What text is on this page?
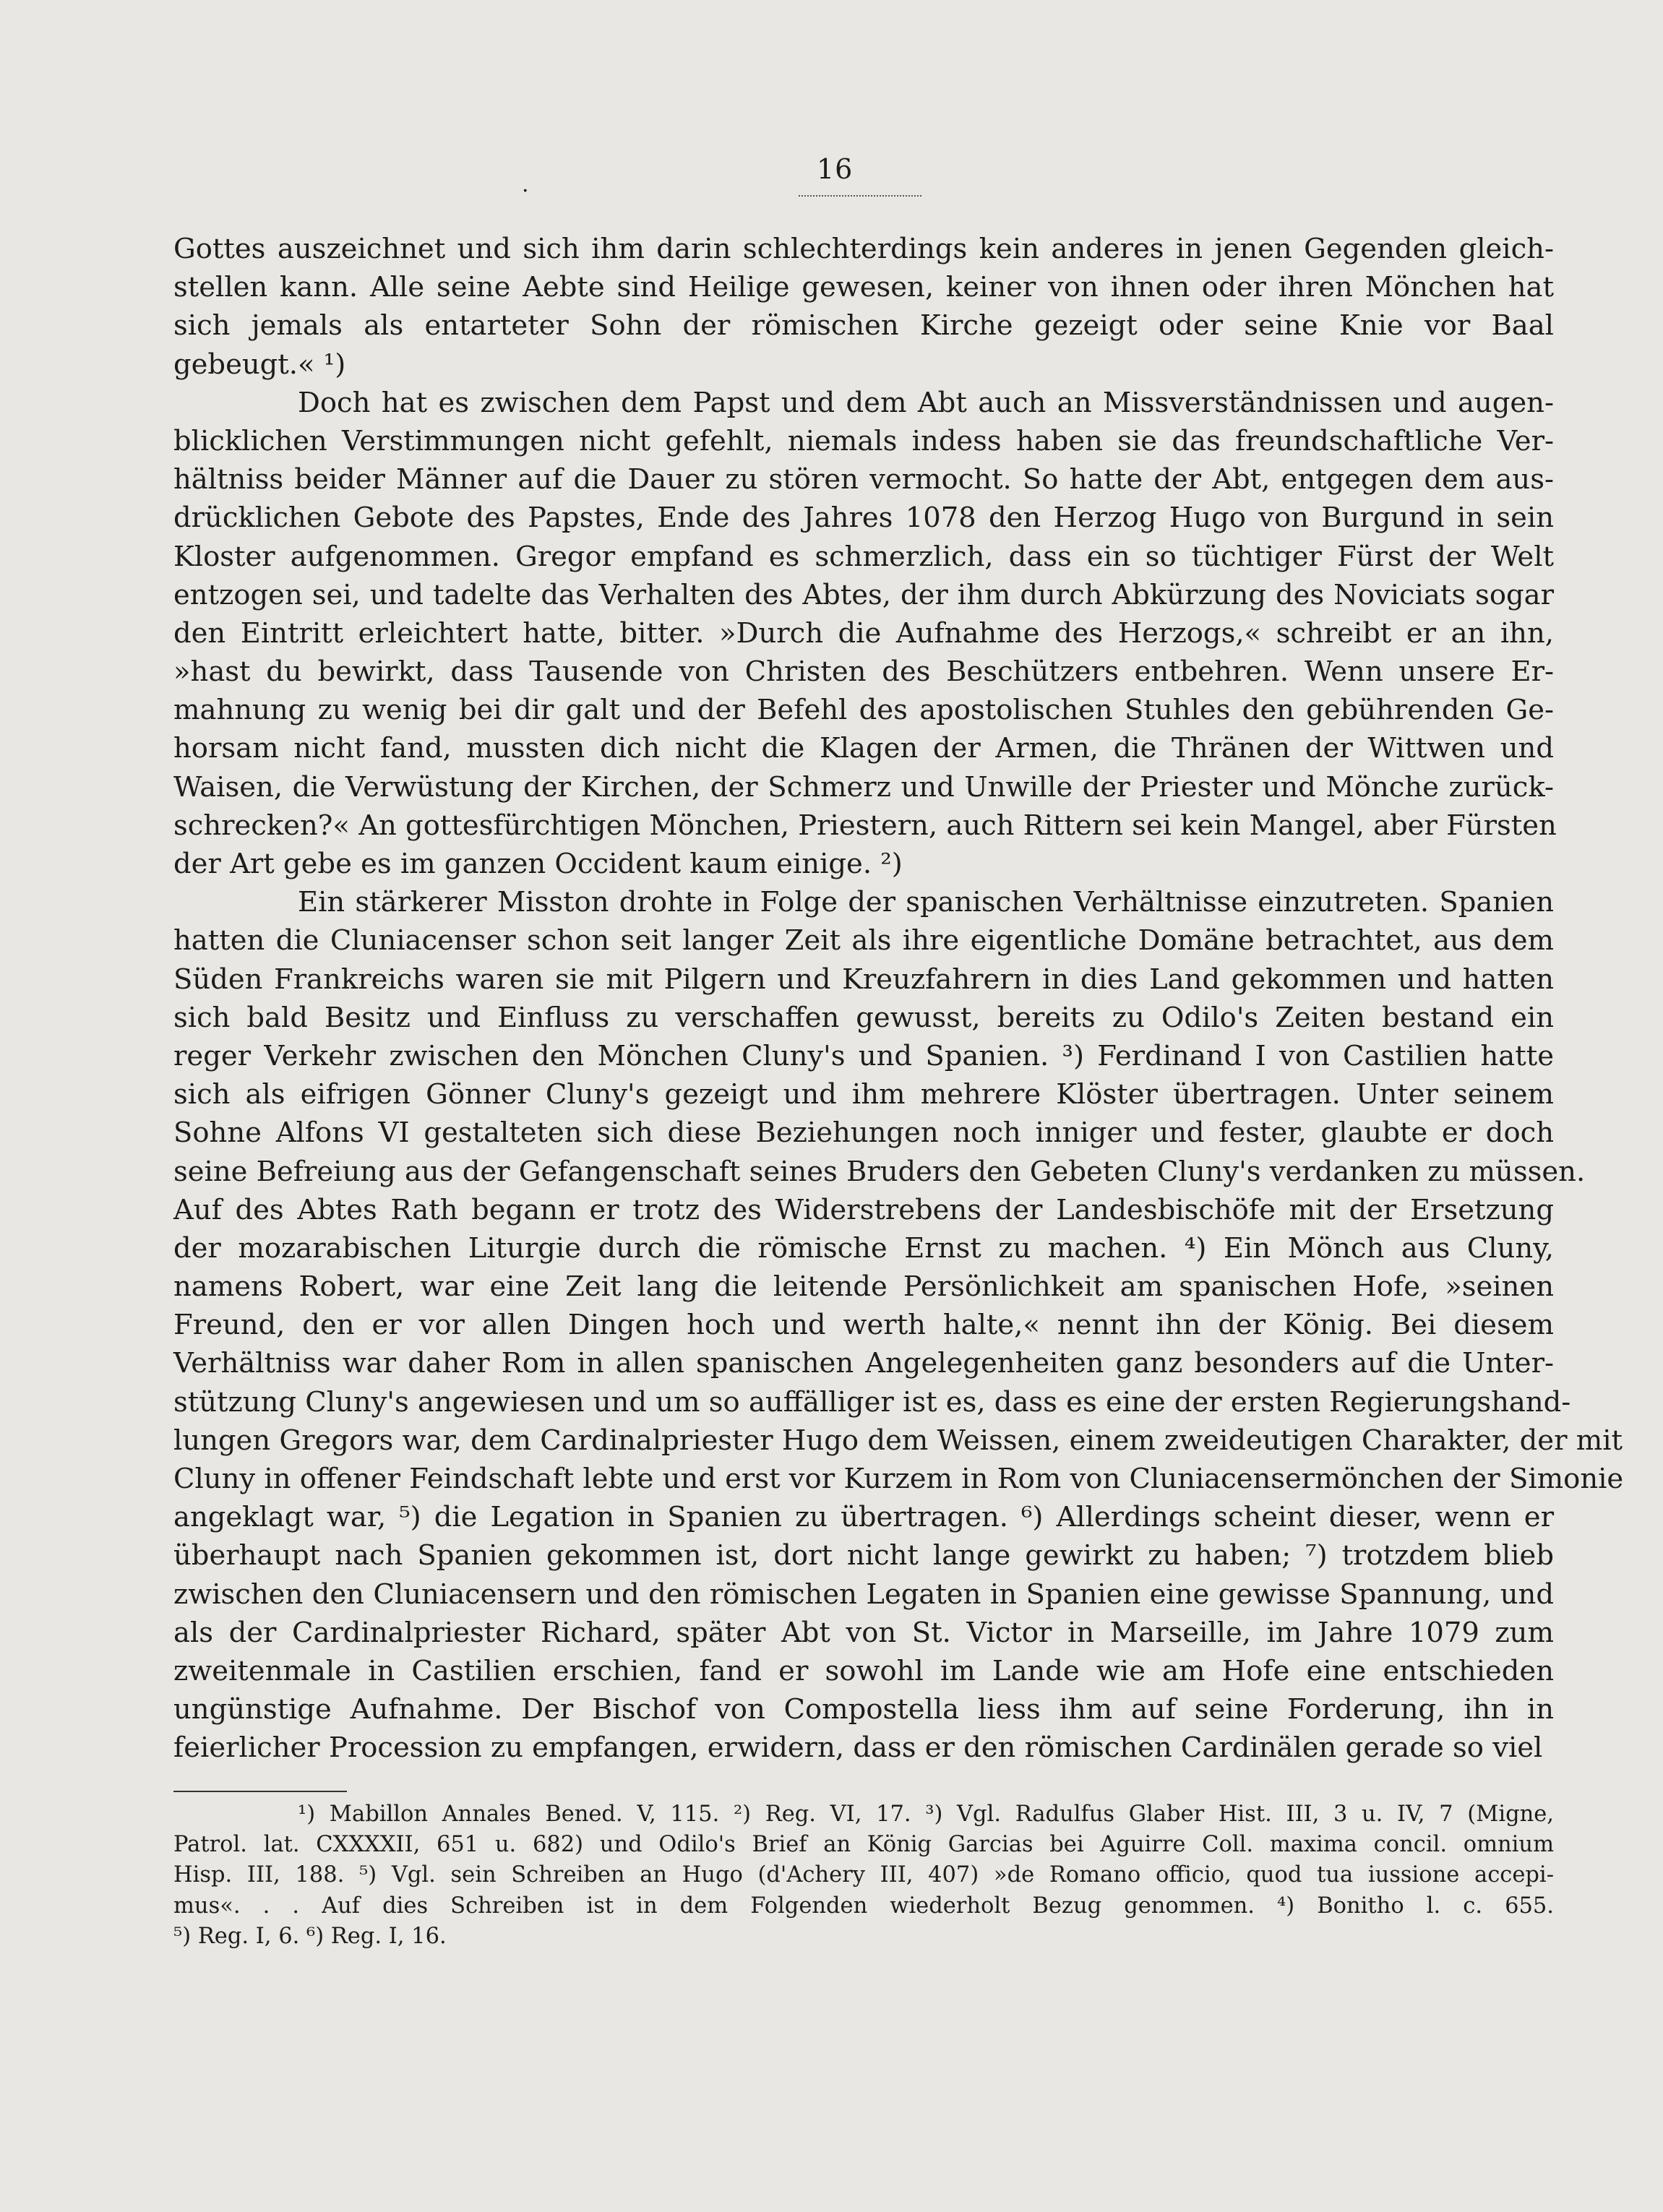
.	16
Gottes auszeichnet und sich ihm darin schlechterdings kein anderes in jenen Gegenden gleich-
stellen kann. Alle seine Aebte sind Heilige gewesen, keiner von ihnen oder ihren Mönchen hat
sich jemals als entarteter Sohn der römischen Kirche gezeigt oder seine Knie vor Baal
gebeugt.« ¹)
Doch hat es zwischen dem Papst und dem Abt auch an Missverständnissen und augen-
blicklichen Verstimmungen nicht gefehlt, niemals indess haben sie das freundschaftliche Ver-
hältniss beider Männer auf die Dauer zu stören vermocht. So hatte der Abt, entgegen dem aus-
drücklichen Gebote des Papstes, Ende des Jahres 1078 den Herzog Hugo von Burgund in sein
Kloster aufgenommen. Gregor empfand es schmerzlich, dass ein so tüchtiger Fürst der Welt
entzogen sei, und tadelte das Verhalten des Abtes, der ihm durch Abkürzung des Noviciats sogar
den Eintritt erleichtert hatte, bitter. »Durch die Aufnahme des Herzogs,« schreibt er an ihn,
»hast du bewirkt, dass Tausende von Christen des Beschützers entbehren. Wenn unsere Er-
mahnung zu wenig bei dir galt und der Befehl des apostolischen Stuhles den gebührenden Ge-
horsam nicht fand, mussten dich nicht die Klagen der Armen, die Thränen der Wittwen und
Waisen, die Verwüstung der Kirchen, der Schmerz und Unwille der Priester und Mönche zurück-
schrecken?« An gottesfürchtigen Mönchen, Priestern, auch Rittern sei kein Mangel, aber Fürsten
der Art gebe es im ganzen Occident kaum einige. ²)
Ein stärkerer Misston drohte in Folge der spanischen Verhältnisse einzutreten. Spanien
hatten die Cluniacenser schon seit langer Zeit als ihre eigentliche Domäne betrachtet, aus dem
Süden Frankreichs waren sie mit Pilgern und Kreuzfahrern in dies Land gekommen und hatten
sich bald Besitz und Einfluss zu verschaffen gewusst, bereits zu Odilo's Zeiten bestand ein
reger Verkehr zwischen den Mönchen Cluny's und Spanien. ³) Ferdinand I von Castilien hatte
sich als eifrigen Gönner Cluny's gezeigt und ihm mehrere Klöster übertragen. Unter seinem
Sohne Alfons VI gestalteten sich diese Beziehungen noch inniger und fester, glaubte er doch
seine Befreiung aus der Gefangenschaft seines Bruders den Gebeten Cluny's verdanken zu müssen.
Auf des Abtes Rath begann er trotz des Widerstrebens der Landesbischöfe mit der Ersetzung
der mozarabischen Liturgie durch die römische Ernst zu machen. ⁴) Ein Mönch aus Cluny,
namens Robert, war eine Zeit lang die leitende Persönlichkeit am spanischen Hofe, »seinen
Freund, den er vor allen Dingen hoch und werth halte,« nennt ihn der König. Bei diesem
Verhältniss war daher Rom in allen spanischen Angelegenheiten ganz besonders auf die Unter-
stützung Cluny's angewiesen und um so auffälliger ist es, dass es eine der ersten Regierungshand-
lungen Gregors war, dem Cardinalpriester Hugo dem Weissen, einem zweideutigen Charakter, der mit
Cluny in offener Feindschaft lebte und erst vor Kurzem in Rom von Cluniacensermönchen der Simonie
angeklagt war, ⁵) die Legation in Spanien zu übertragen. ⁶) Allerdings scheint dieser, wenn er
überhaupt nach Spanien gekommen ist, dort nicht lange gewirkt zu haben; ⁷) trotzdem blieb
zwischen den Cluniacensern und den römischen Legaten in Spanien eine gewisse Spannung, und
als der Cardinalpriester Richard, später Abt von St. Victor in Marseille, im Jahre 1079 zum
zweitenmale in Castilien erschien, fand er sowohl im Lande wie am Hofe eine entschieden
ungünstige Aufnahme. Der Bischof von Compostella liess ihm auf seine Forderung, ihn in
feierlicher Procession zu empfangen, erwidern, dass er den römischen Cardinälen gerade so viel
¹) Mabillon Annales Bened. V, 115. ²) Reg. VI, 17. ³) Vgl. Radulfus Glaber Hist. III, 3 u. IV, 7 (Migne,
Patrol. lat. CXXXXII, 651 u. 682) und Odilo's Brief an König Garcias bei Aguirre Coll. maxima concil. omnium
Hisp. III, 188. ⁵) Vgl. sein Schreiben an Hugo (d'Achery III, 407) »de Romano officio, quod tua iussione accepi-
mus«. . . Auf dies Schreiben ist in dem Folgenden wiederholt Bezug genommen. ⁴) Bonitho l. c. 655.
⁵) Reg. I, 6. ⁶) Reg. I, 16.
